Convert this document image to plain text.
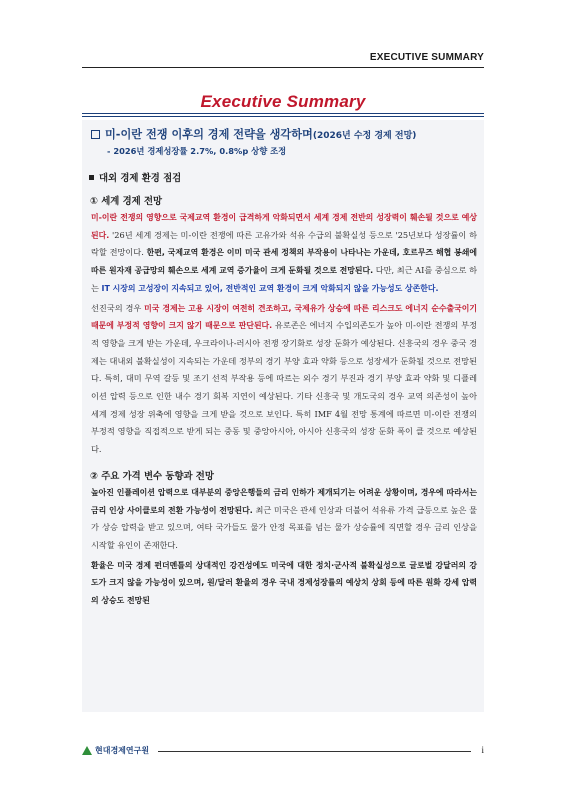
EXECUTIVE SUMMARY
Executive Summary
미-이란 전쟁 이후의 경제 전략을 생각하며(2026년 수정 경제 전망)
- 2026년 경제성장률 2.7%, 0.8%p 상향 조정
대외 경제 환경 점검
① 세계 경제 전망

미-이란 전쟁의 영향으로 국제교역 환경이 급격하게 악화되면서 세계 경제 전반의 성장력이 훼손될 것으로 예상된다. '26년 세계 경제는 미-이란 전쟁에 따른 고유가와 석유 수급의 불확실성 등으로 '25년보다 성장률이 하락할 전망이다. 한편, 국제교역 환경은 이미 미국 관세 정책의 부작용이 나타나는 가운데, 호르무즈 해협 봉쇄에 따른 원자재 공급망의 훼손으로 세계 교역 증가율이 크게 둔화될 것으로 전망된다. 다만, 최근 AI를 중심으로 하는 IT 시장의 고성장이 지속되고 있어, 전반적인 교역 환경이 크게 악화되지 않을 가능성도 상존한다.

선진국의 경우 미국 경제는 고용 시장이 여전히 견조하고, 국제유가 상승에 따른 리스크도 에너지 순수출국이기 때문에 부정적 영향이 크지 않기 때문으로 판단된다. 유로존은 에너지 수입의존도가 높아 미-이란 전쟁의 부정적 영향을 크게 받는 가운데, 우크라이나-러시아 전쟁 장기화로 성장 둔화가 예상된다. 신흥국의 경우 중국 경제는 대내외 불확실성이 지속되는 가운데 정부의 경기 부양 효과 약화 등으로 성장세가 둔화될 것으로 전망된다. 특히, 대미 무역 갈등 및 조기 선적 부작용 등에 따르는 외수 경기 부진과 경기 부양 효과 약화 및 디플레이션 압력 등으로 인한 내수 경기 회복 지연이 예상된다. 기타 신흥국 및 개도국의 경우 교역 의존성이 높아 세계 경제 성장 위축에 영향을 크게 받을 것으로 보인다. 특히 IMF 4월 전망 통계에 따르면 미-이란 전쟁의 부정적 영향을 직접적으로 받게 되는 중동 및 중앙아시아, 아시아 신흥국의 성장 둔화 폭이 클 것으로 예상된다.

② 주요 가격 변수 동향과 전망

높아진 인플레이션 압력으로 대부분의 중앙은행들의 금리 인하가 제개되기는 어려운 상황이며, 경우에 따라서는 금리 인상 사이클로의 전환 가능성이 전망된다. 최근 미국은 관세 인상과 더불어 석유류 가격 급등으로 높은 물가 상승 압력을 받고 있으며, 여타 국가들도 물가 안정 목표를 넘는 물가 상승률에 직면할 경우 금리 인상을 시작할 유인이 존재한다.

환율은 미국 경제 펀더멘틀의 상대적인 강건성에도 미국에 대한 정치·군사적 불확실성으로 글로벌 강달러의 강도가 크지 않을 가능성이 있으며, 원/달러 환율의 경우 국내 경제성장률의 예상치 상회 등에 따른 원화 강세 압력의 상승도 전망된

현대경제연구원	i
